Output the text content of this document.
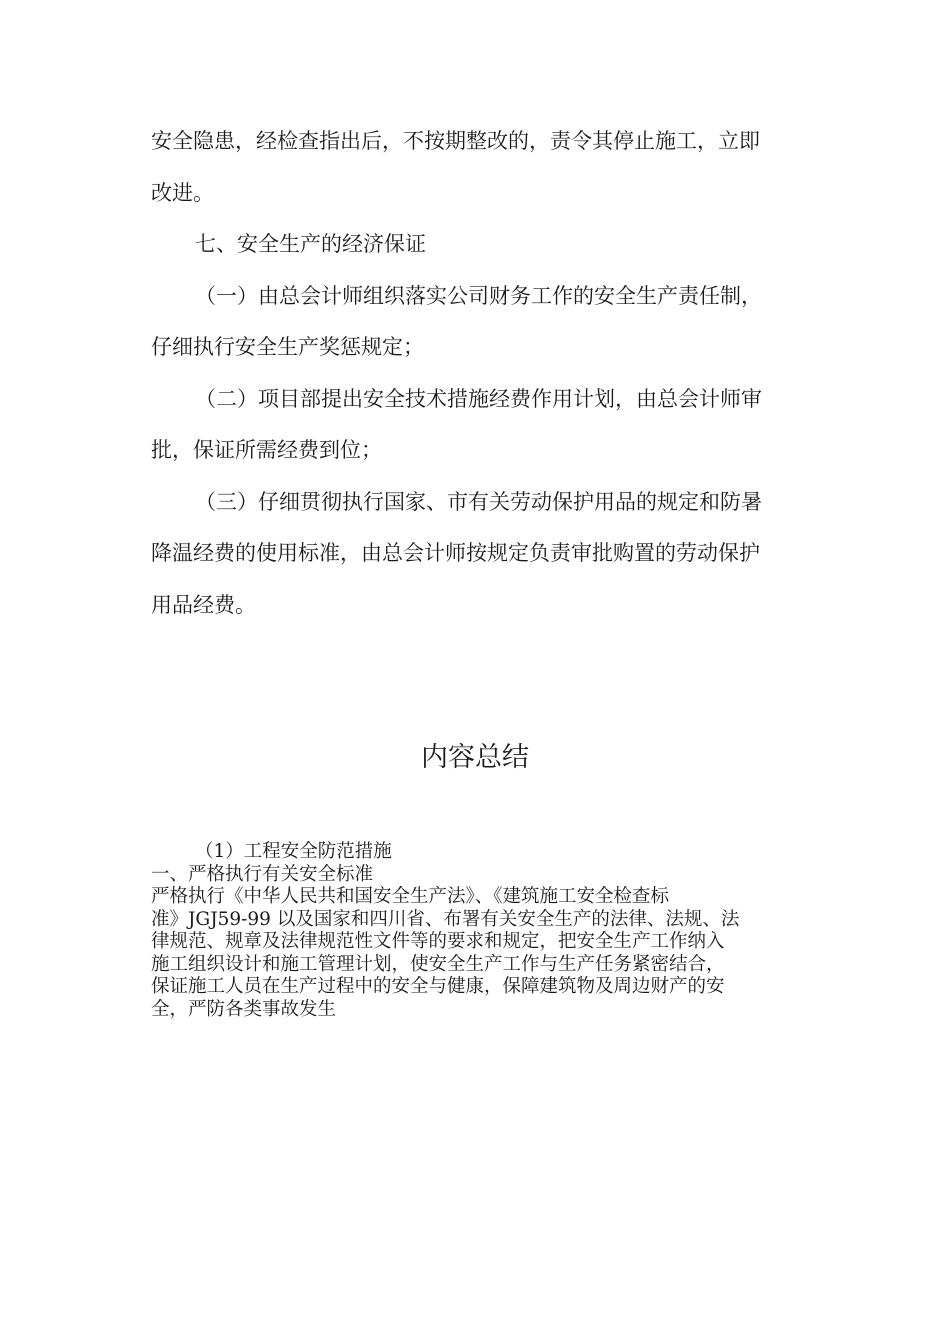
安全隐患，经检查指出后，不按期整改的，责令其停止施工，立即

改进。

七、安全生产的经济保证

（一）由总会计师组织落实公司财务工作的安全生产责任制，

仔细执行安全生产奖惩规定；

（二）项目部提出安全技术措施经费作用计划，由总会计师审

批，保证所需经费到位；

（三）仔细贯彻执行国家、市有关劳动保护用品的规定和防暑

降温经费的使用标准，由总会计师按规定负责审批购置的劳动保护

用品经费。

内容总结

（1）工程安全防范措施

一、严格执行有关安全标准

严格执行《中华人民共和国安全生产法》、《建筑施工安全检查标

准》JGJ59-99 以及国家和四川省、布署有关安全生产的法律、法规、法

律规范、规章及法律规范性文件等的要求和规定，把安全生产工作纳入

施工组织设计和施工管理计划，使安全生产工作与生产任务紧密结合，

保证施工人员在生产过程中的安全与健康，保障建筑物及周边财产的安

全，严防各类事故发生
